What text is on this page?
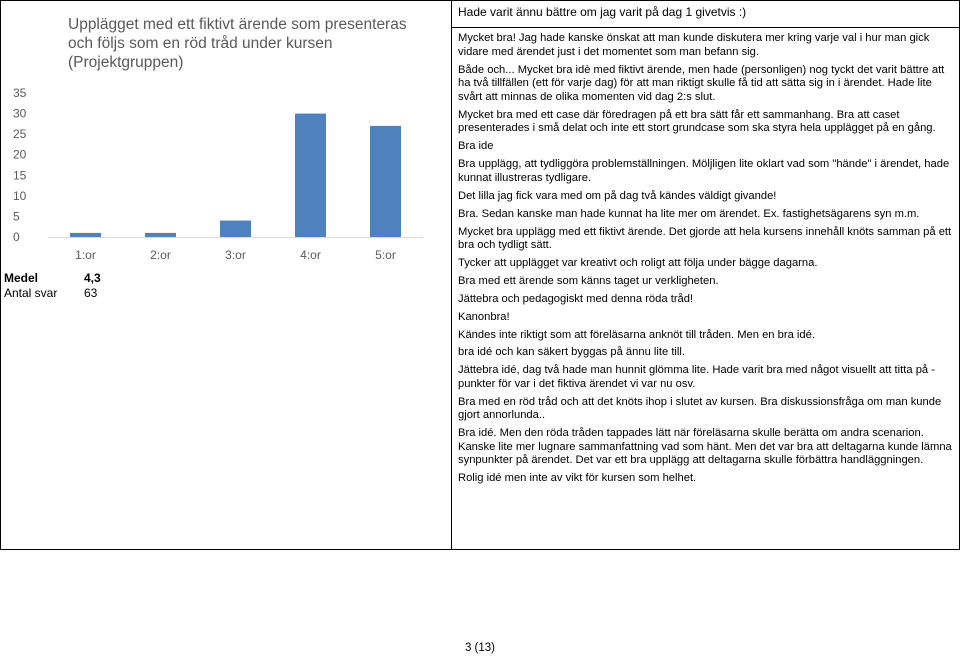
Upplägget med ett fiktivt ärende som presenteras och följs som en röd tråd under kursen (Projektgruppen)
35
30
25
20
15
10
5
0
1:or	2:or	3:or	4:or	5:or
Medel	4,3
Antal svar 63
Hade varit ännu bättre om jag varit på dag 1 givetvis :)
Mycket bra! Jag hade kanske önskat att man kunde diskutera mer kring varje val i hur man gick vidare med ärendet just i det momentet som man befann sig.
Både och... Mycket bra idè med fiktivt ärende, men hade (personligen) nog tyckt det varit bättre att ha två tillfällen (ett för varje dag) för att man riktigt skulle få tid att sätta sig in i ärendet. Hade lite svårt att minnas de olika momenten vid dag 2:s slut.
Mycket bra med ett case där föredragen på ett bra sätt får ett sammanhang. Bra att caset presenterades i små delat och inte ett stort grundcase som ska styra hela upplägget på en gång.
Bra ide
Bra upplägg, att tydliggöra problemställningen. Möljligen lite oklart vad som "hände" i ärendet, hade kunnat illustreras tydligare.
Det lilla jag fick vara med om på dag två kändes väldigt givande!
Bra. Sedan kanske man hade kunnat ha lite mer om ärendet. Ex. fastighetsägarens syn m.m.
Mycket bra upplägg med ett fiktivt ärende. Det gjorde att hela kursens innehåll knöts samman på ett bra och tydligt sätt.
Tycker att upplägget var kreativt och roligt att följa under bägge dagarna.
Bra med ett ärende som känns taget ur verkligheten.
Jättebra och pedagogiskt med denna röda tråd!
Kanonbra!
Kändes inte riktigt som att föreläsarna anknöt till tråden. Men en bra idé.
bra idé och kan säkert byggas på ännu lite till.
Jättebra idé, dag två hade man hunnit glömma lite. Hade varit bra med något visuellt att titta på - punkter för var i det fiktiva ärendet vi var nu osv.
Bra med en röd tråd och att det knöts ihop i slutet av kursen. Bra diskussionsfråga om man kunde gjort annorlunda..
Bra idé. Men den röda tråden tappades lätt när föreläsarna skulle berätta om andra scenarion. Kanske lite mer lugnare sammanfattning vad som hänt. Men det var bra att deltagarna kunde lämna synpunkter på ärendet. Det var ett bra upplägg att deltagarna skulle förbättra handläggningen.
Rolig idé men inte av vikt för kursen som helhet.
3 (13)
